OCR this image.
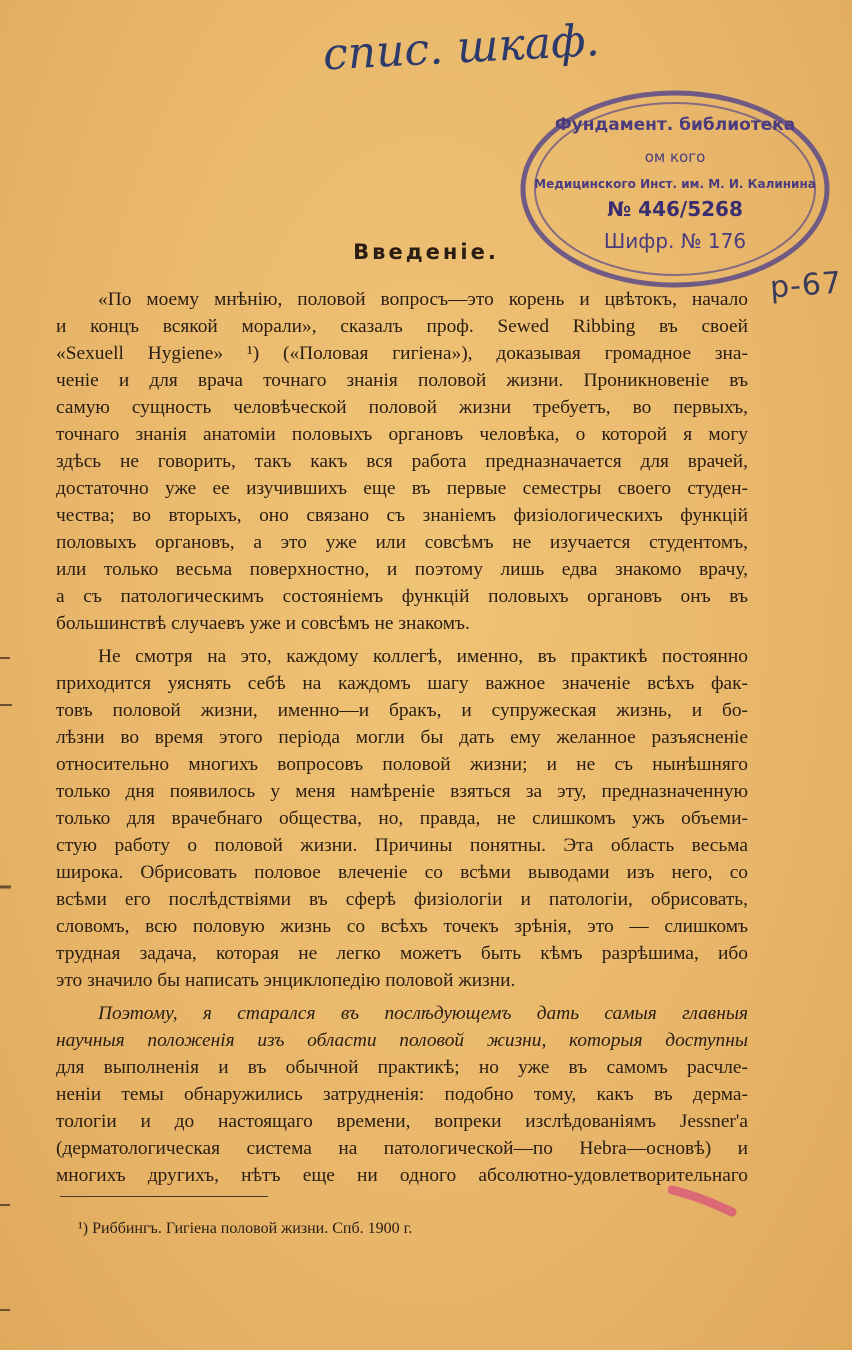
спис. шкаф.
Фундамент. библиотека
ом кого
Медицинского Инст. им. М. И. Калинина
№ 446/5268
Шифр. № 176
р-67
Введеніе.
«По моему мнѣнію, половой вопросъ—это корень и цвѣтокъ, начало
и концъ всякой морали», сказалъ проф. Sewed Ribbing въ своей
«Sexuell Hygiene» ¹) («Половая гигіена»), доказывая громадное зна-
ченіе и для врача точнаго знанія половой жизни. Проникновеніе въ
самую сущность человѣческой половой жизни требуетъ, во первыхъ,
точнаго знанія анатоміи половыхъ органовъ человѣка, о которой я могу
здѣсь не говорить, такъ какъ вся работа предназначается для врачей,
достаточно уже ее изучившихъ еще въ первые семестры своего студен-
чества; во вторыхъ, оно связано съ знаніемъ физіологическихъ функцій
половыхъ органовъ, а это уже или совсѣмъ не изучается студентомъ,
или только весьма поверхностно, и поэтому лишь едва знакомо врачу,
а съ патологическимъ состояніемъ функцій половыхъ органовъ онъ въ
большинствѣ случаевъ уже и совсѣмъ не знакомъ.
Не смотря на это, каждому коллегѣ, именно, въ практикѣ постоянно
приходится уяснять себѣ на каждомъ шагу важное значеніе всѣхъ фак-
товъ половой жизни, именно—и бракъ, и супружеская жизнь, и бо-
лѣзни во время этого періода могли бы дать ему желанное разъясненіе
относительно многихъ вопросовъ половой жизни; и не съ нынѣшняго
только дня появилось у меня намѣреніе взяться за эту, предназначенную
только для врачебнаго общества, но, правда, не слишкомъ ужъ объеми-
стую работу о половой жизни. Причины понятны. Эта область весьма
широка. Обрисовать половое влеченіе со всѣми выводами изъ него, со
всѣми его послѣдствіями въ сферѣ физіологіи и патологіи, обрисовать,
словомъ, всю половую жизнь со всѣхъ точекъ зрѣнія, это — слишкомъ
трудная задача, которая не легко можетъ быть кѣмъ разрѣшима, ибо
это значило бы написать энциклопедію половой жизни.
Поэтому, я старался въ послѣдующемъ дать самыя главныя
научныя положенія изъ области половой жизни, которыя доступны
для выполненія и въ обычной практикѣ; но уже въ самомъ расчле-
неніи темы обнаружились затрудненія: подобно тому, какъ въ дерма-
тологіи и до настоящаго времени, вопреки изслѣдованіямъ Jessner'а
(дерматологическая система на патологической—по Hebra—основѣ) и
многихъ другихъ, нѣтъ еще ни одного абсолютно-удовлетворительнаго
¹) Риббингъ. Гигіена половой жизни. Спб. 1900 г.
